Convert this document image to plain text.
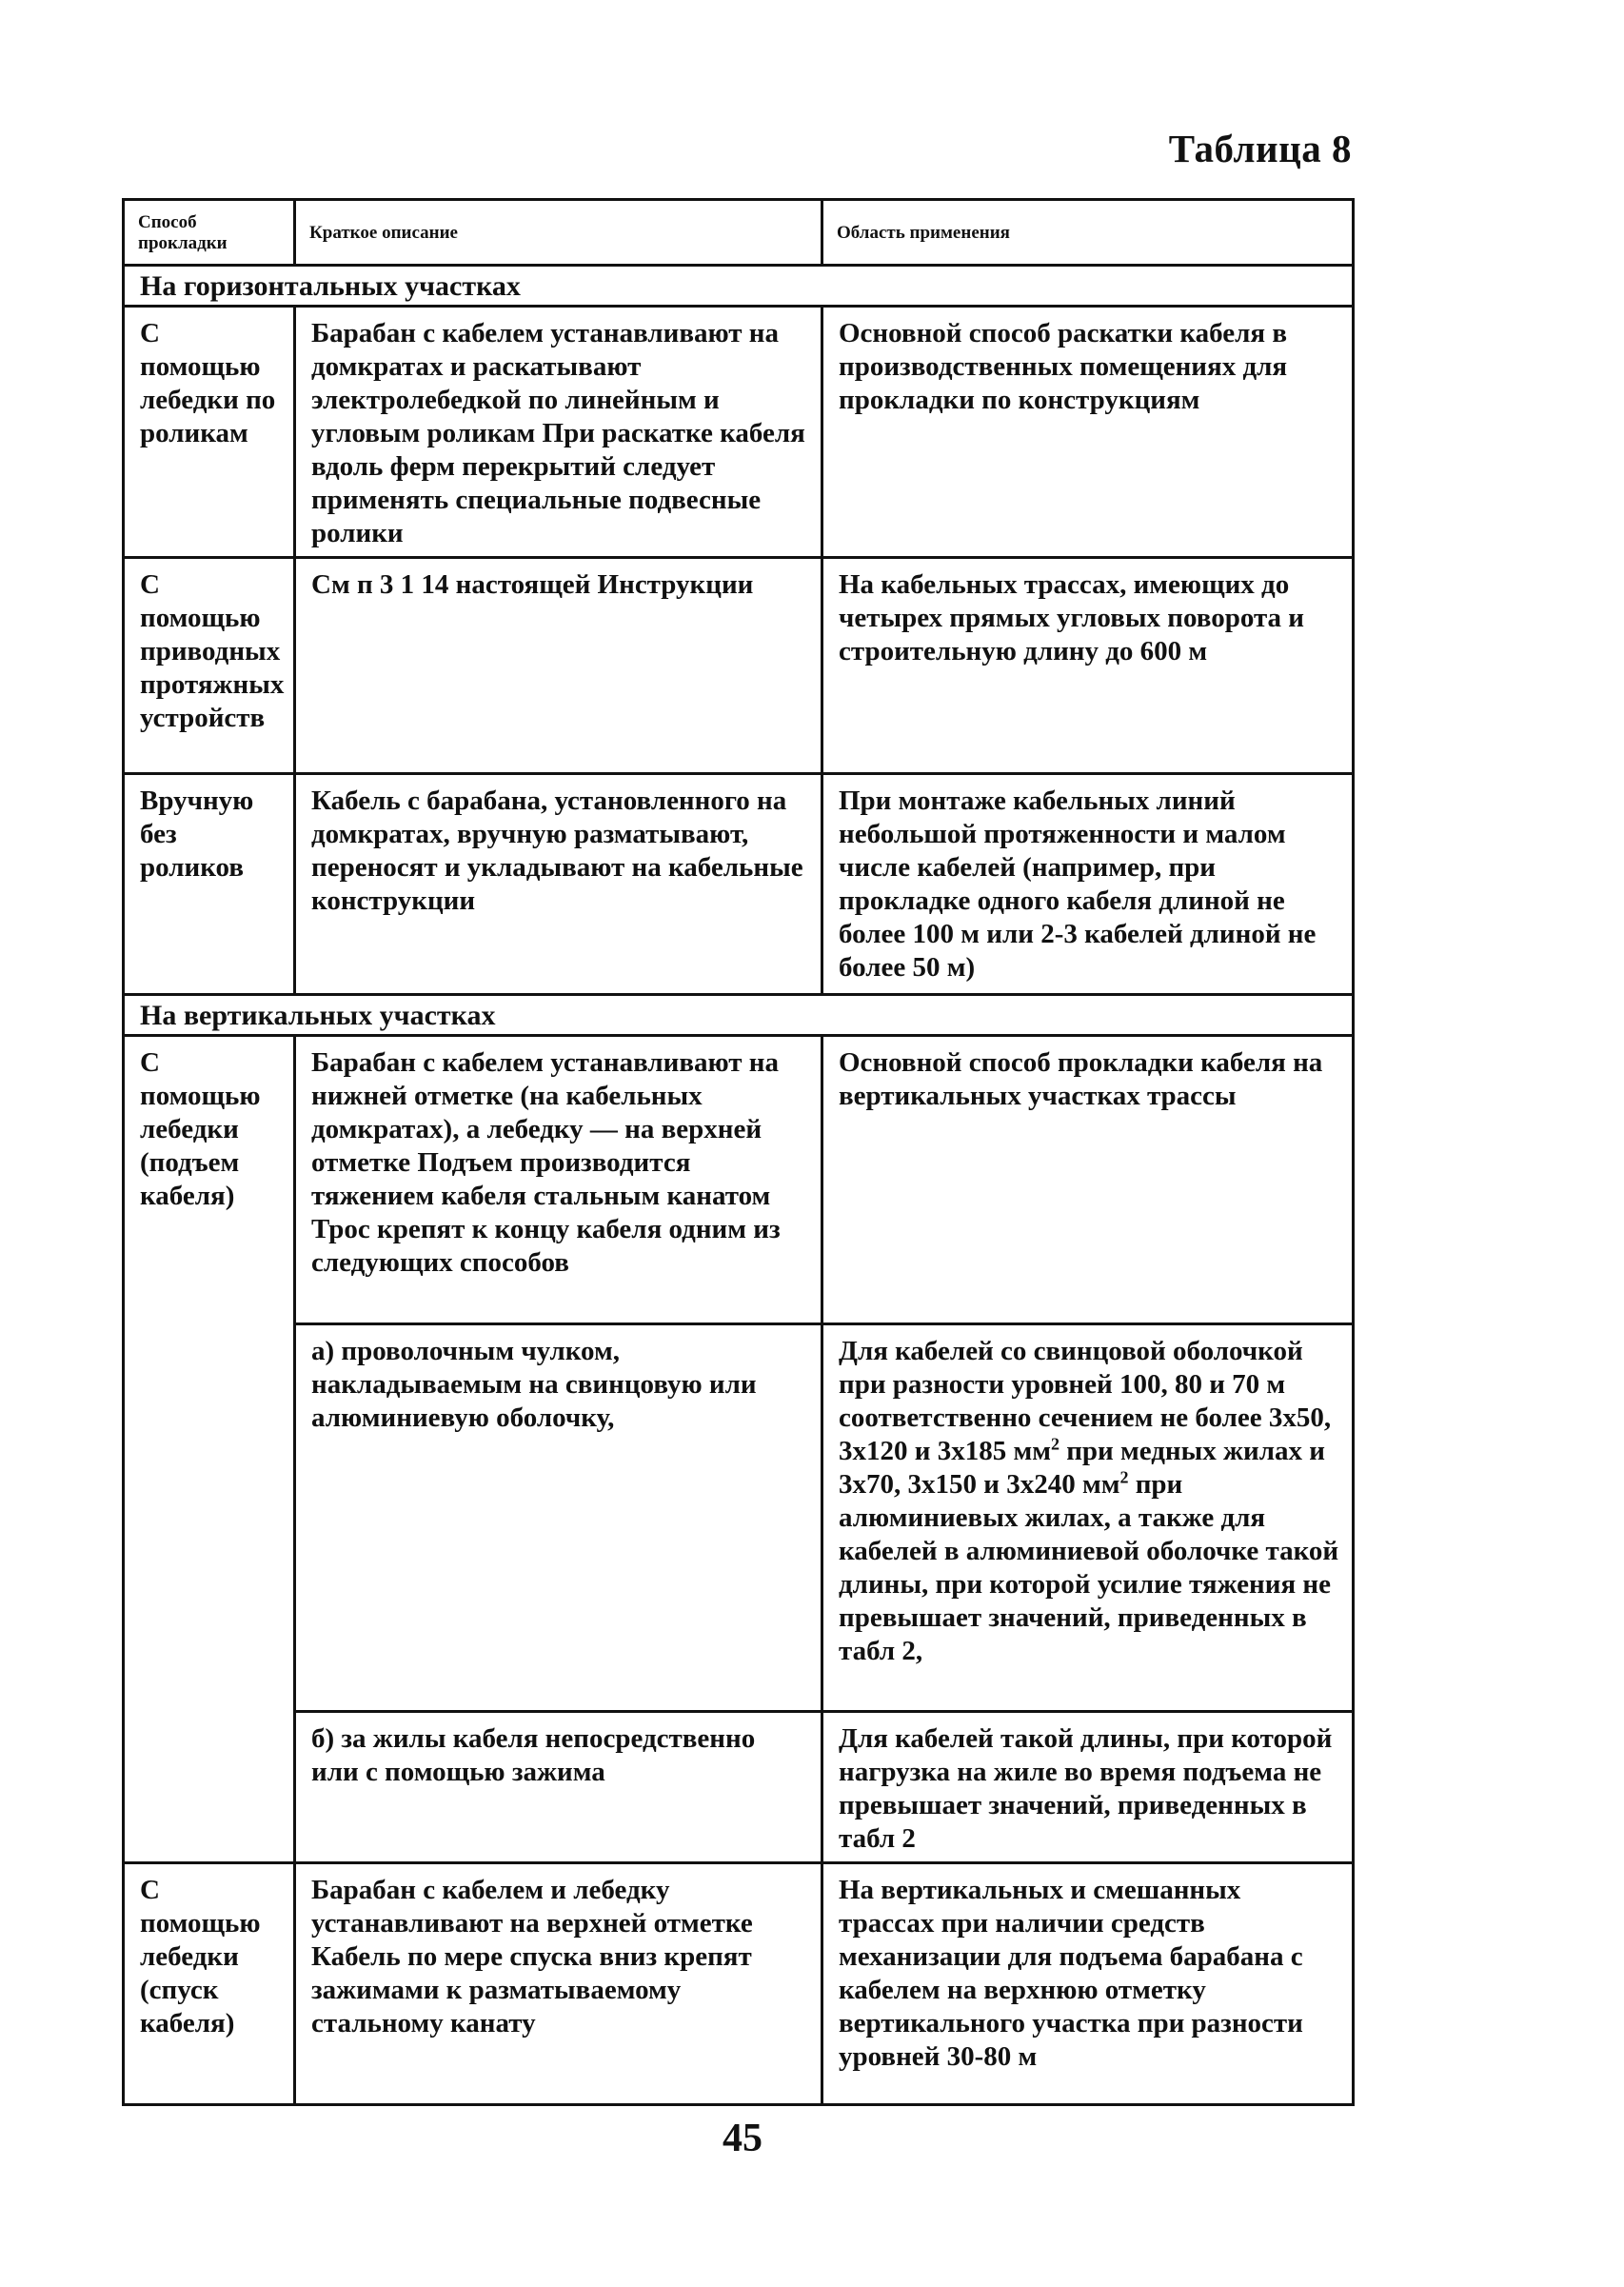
Таблица 8
Способ прокладки	Краткое описание	Область применения
На горизонтальных участках		
С помощью лебедки по роликам	Барабан с кабелем устанавливают на домкратах и раскатывают электролебедкой по линейным и угловым роликам При раскатке кабеля вдоль ферм перекрытий следует применять специальные подвесные ролики	Основной способ раскатки кабеля в производственных помещениях для прокладки по конструкциям
С помощью приводных протяжных устройств	См п 3 1 14 настоящей Инструкции	На кабельных трассах, имеющих до четырех прямых угловых поворота и строительную длину до 600 м
Вручную без роликов	Кабель с барабана, установленного на домкратах, вручную разматывают, переносят и укладывают на кабельные конструкции	При монтаже кабельных линий небольшой протяженности и малом числе кабелей (например, при прокладке одного кабеля длиной не более 100 м или 2-3 кабелей длиной не более 50 м)
На вертикальных участках		
С помощью лебедки (подъем кабеля)	Барабан с кабелем устанавливают на нижней отметке (на кабельных домкратах), а лебедку — на верхней отметке Подъем производится тяжением кабеля стальным канатом Трос крепят к концу кабеля одним из следующих способов	Основной способ прокладки кабеля на вертикальных участках трассы
	а) проволочным чулком, накладываемым на свинцовую или алюминиевую оболочку,	Для кабелей со свинцовой оболочкой при разности уровней 100, 80 и 70 м соответственно сечением не более 3x50, 3x120 и 3x185 $мм^2$ при медных жилах и 3x70, 3x150 и 3x240 $мм^2$ при алюминиевых жилах, а также для кабелей в алюминиевой оболочке такой длины, при которой усилие тяжения не превышает значений, приведенных в табл 2,
	б) за жилы кабеля непосредственно или с помощью зажима	Для кабелей такой длины, при которой нагрузка на жиле во время подъема не превышает значений, приведенных в табл 2
С помощью лебедки (спуск кабеля)	Барабан с кабелем и лебедку устанавливают на верхней отметке Кабель по мере спуска вниз крепят зажимами к разматываемому стальному канату	На вертикальных и смешанных трассах при наличии средств механизации для подъема барабана с кабелем на верхнюю отметку вертикального участка при разности уровней 30-80 м
45
